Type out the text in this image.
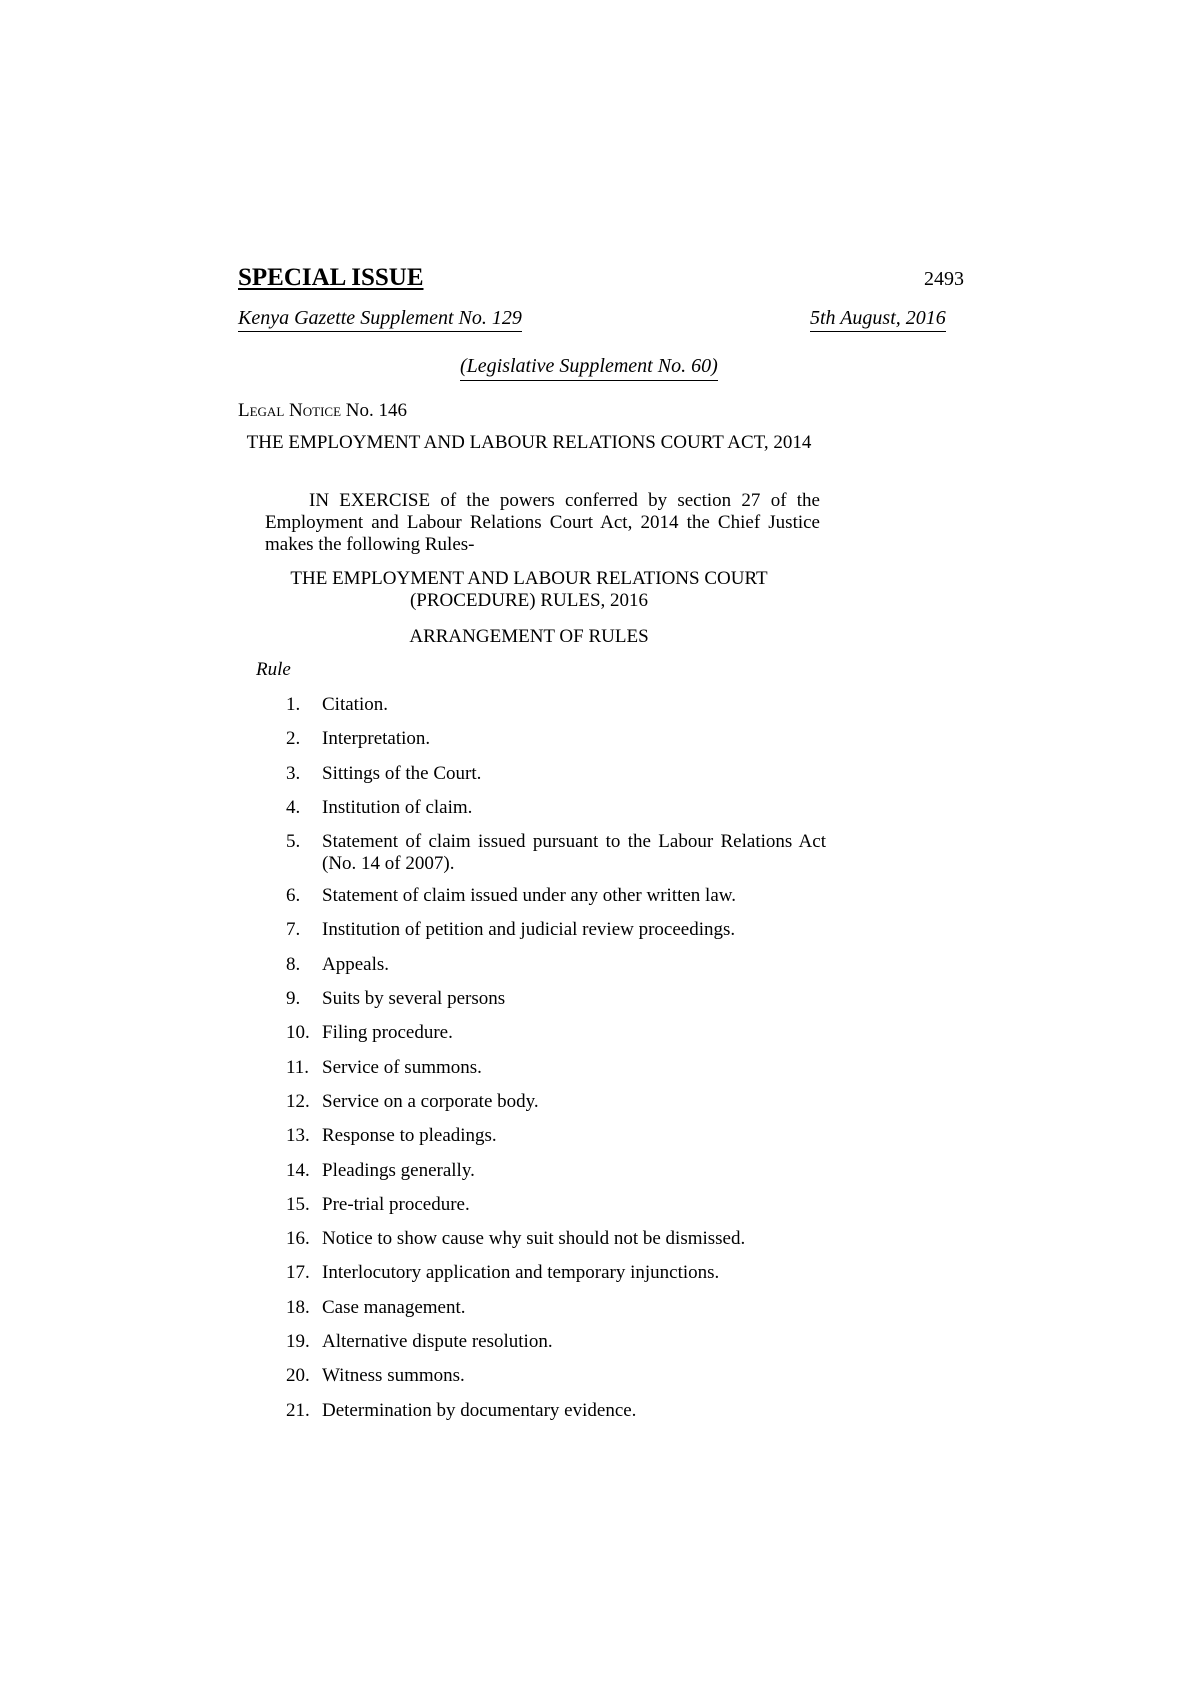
SPECIAL ISSUE	2493
Kenya Gazette Supplement No. 129	5th August, 2016
(Legislative Supplement No. 60)
Legal Notice No. 146
THE EMPLOYMENT AND LABOUR RELATIONS COURT ACT, 2014
IN EXERCISE of the powers conferred by section 27 of the Employment and Labour Relations Court Act, 2014 the Chief Justice makes the following Rules-
THE EMPLOYMENT AND LABOUR RELATIONS COURT (PROCEDURE) RULES, 2016
ARRANGEMENT OF RULES
Rule
1.	Citation.
2.	Interpretation.
3.	Sittings of the Court.
4.	Institution of claim.
5.	Statement of claim issued pursuant to the Labour Relations Act (No. 14 of 2007).
6.	Statement of claim issued under any other written law.
7.	Institution of petition and judicial review proceedings.
8.	Appeals.
9.	Suits by several persons
10. Filing procedure.
11. Service of summons.
12. Service on a corporate body.
13. Response to pleadings.
14. Pleadings generally.
15. Pre-trial procedure.
16. Notice to show cause why suit should not be dismissed.
17. Interlocutory application and temporary injunctions.
18. Case management.
19. Alternative dispute resolution.
20. Witness summons.
21. Determination by documentary evidence.
